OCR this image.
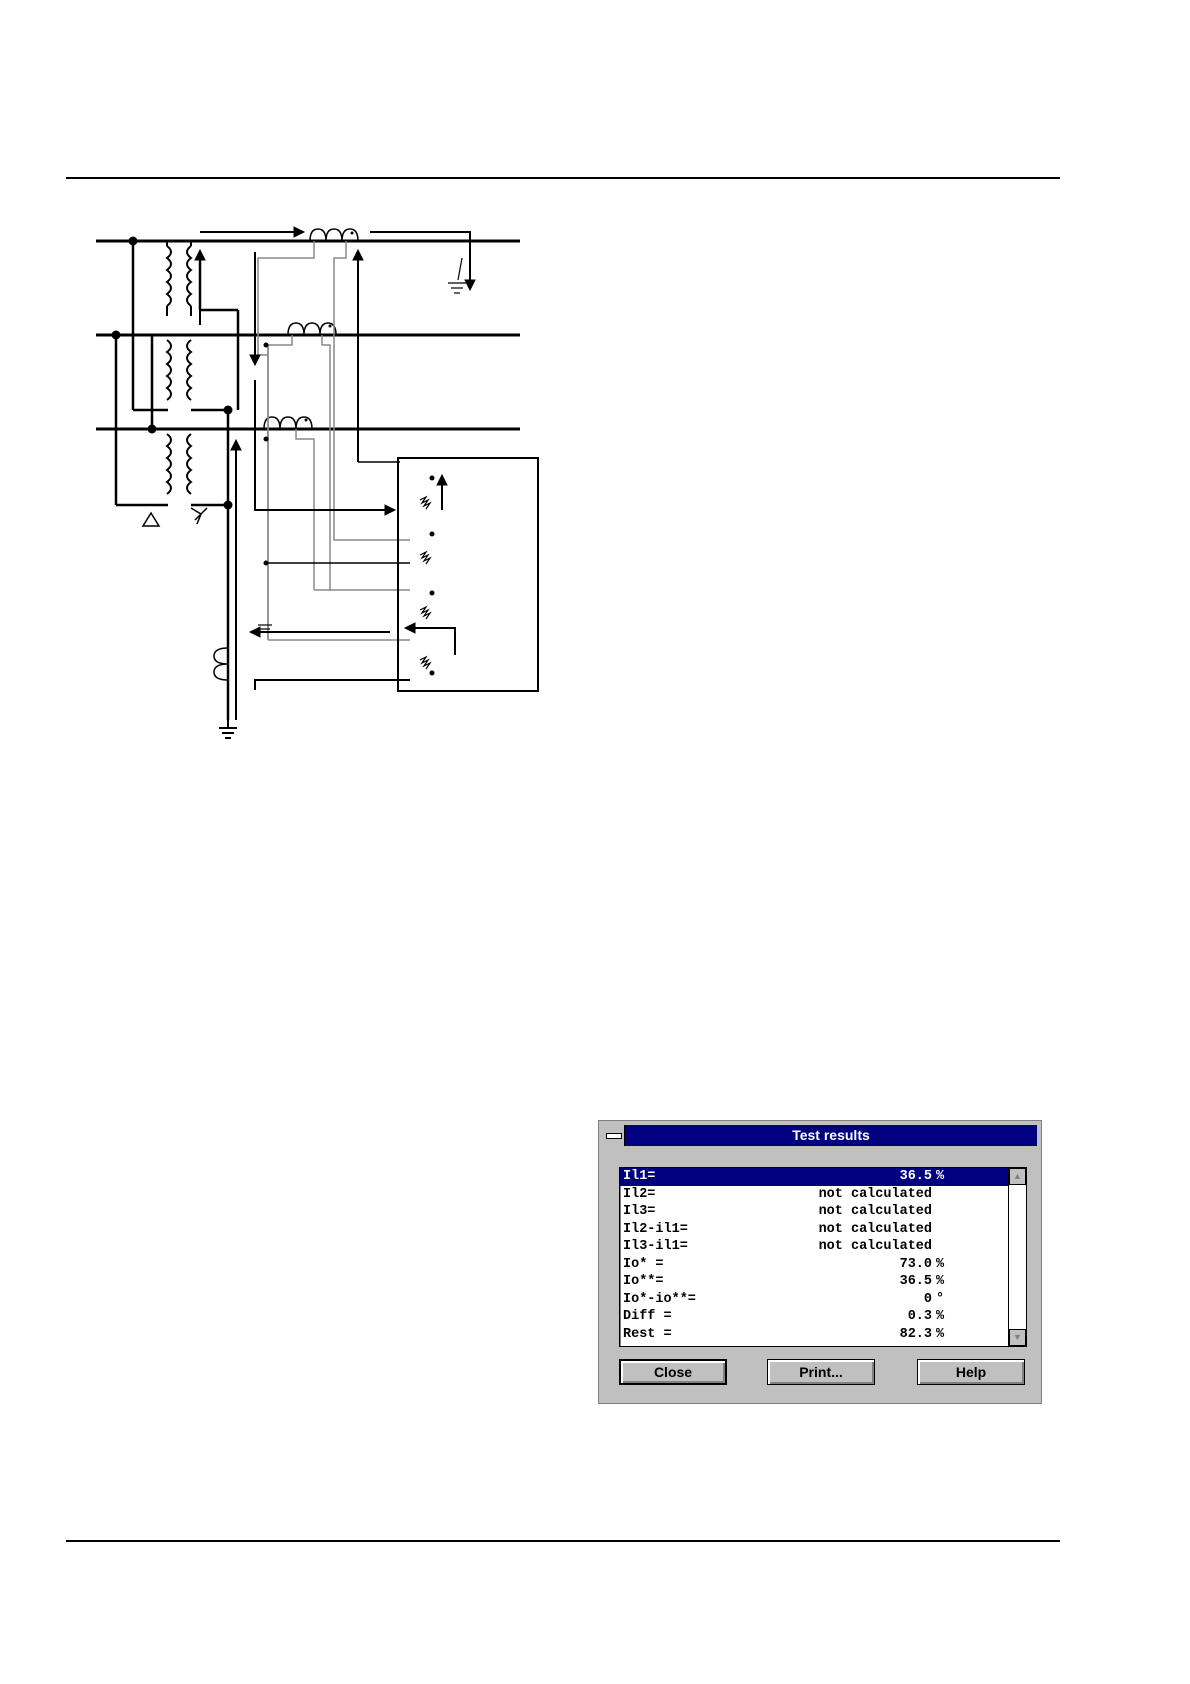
Test results
Il1=	36.5 %
Il2=	not calculated
Il3=	not calculated
Il2-il1=	not calculated
Il3-il1=	not calculated
Io* =	73.0 %
Io**=	36.5 %
Io*-io**=	0 °
Diff =	0.3 %
Rest =	82.3 %
▲
▼
Close	Print...	Help
